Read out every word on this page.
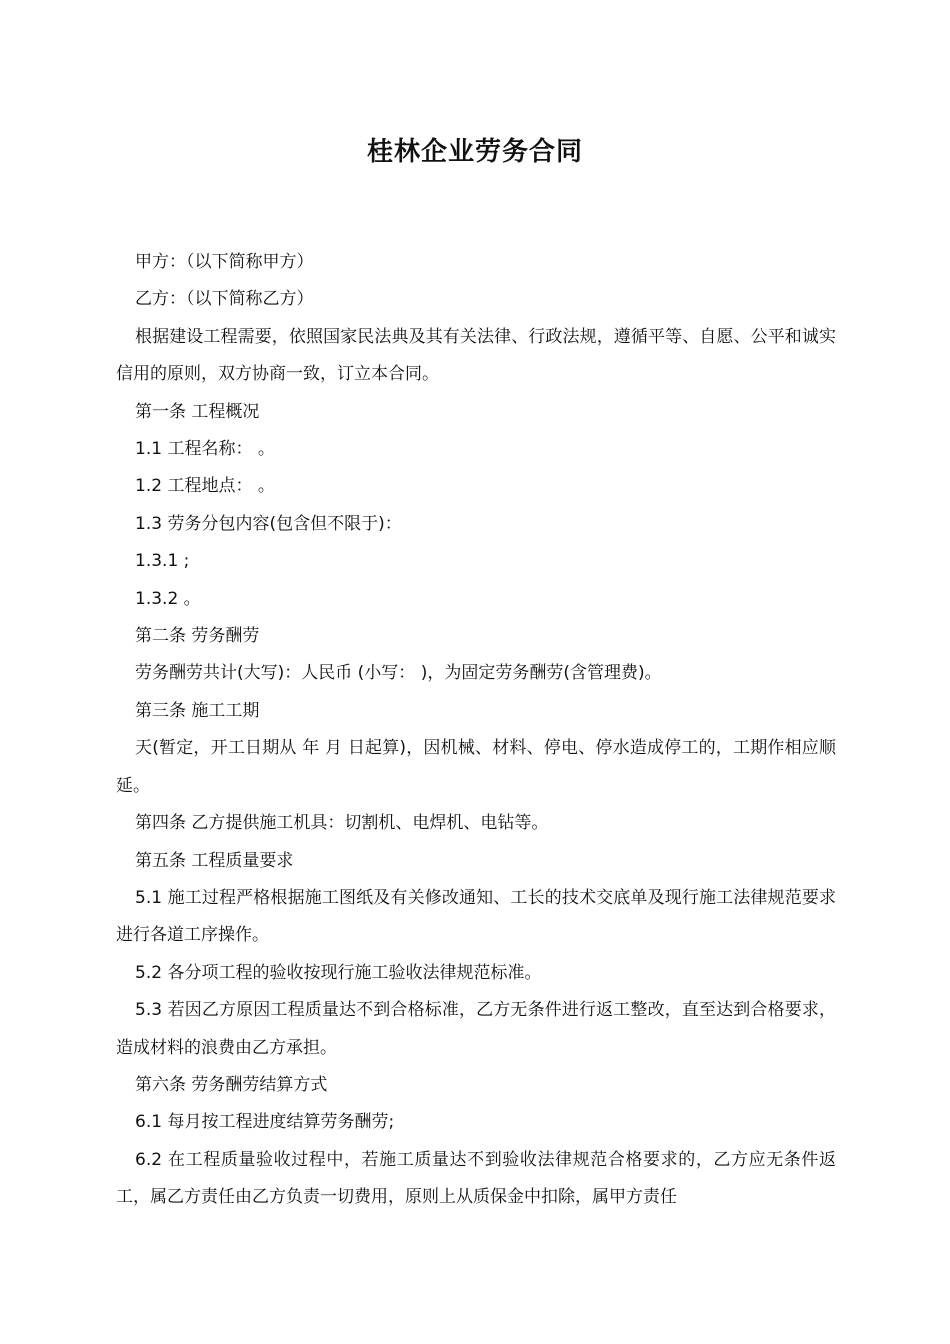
桂林企业劳务合同

甲方：（以下简称甲方）

乙方：（以下简称乙方）

根据建设工程需要，依照国家民法典及其有关法律、行政法规，遵循平等、自愿、公平和诚实信用的原则，双方协商一致，订立本合同。

第一条 工程概况

1.1 工程名称： 。

1.2 工程地点： 。

1.3 劳务分包内容(包含但不限于)：

1.3.1 ;

1.3.2 。

第二条 劳务酬劳

劳务酬劳共计(大写)：人民币 (小写： )，为固定劳务酬劳(含管理费)。

第三条 施工工期

天(暂定，开工日期从 年 月 日起算)，因机械、材料、停电、停水造成停工的，工期作相应顺延。

第四条 乙方提供施工机具：切割机、电焊机、电钻等。

第五条 工程质量要求

5.1 施工过程严格根据施工图纸及有关修改通知、工长的技术交底单及现行施工法律规范要求进行各道工序操作。

5.2 各分项工程的验收按现行施工验收法律规范标准。

5.3 若因乙方原因工程质量达不到合格标准，乙方无条件进行返工整改，直至达到合格要求，造成材料的浪费由乙方承担。

第六条 劳务酬劳结算方式

6.1 每月按工程进度结算劳务酬劳;

6.2 在工程质量验收过程中，若施工质量达不到验收法律规范合格要求的，乙方应无条件返工，属乙方责任由乙方负责一切费用，原则上从质保金中扣除，属甲方责任
